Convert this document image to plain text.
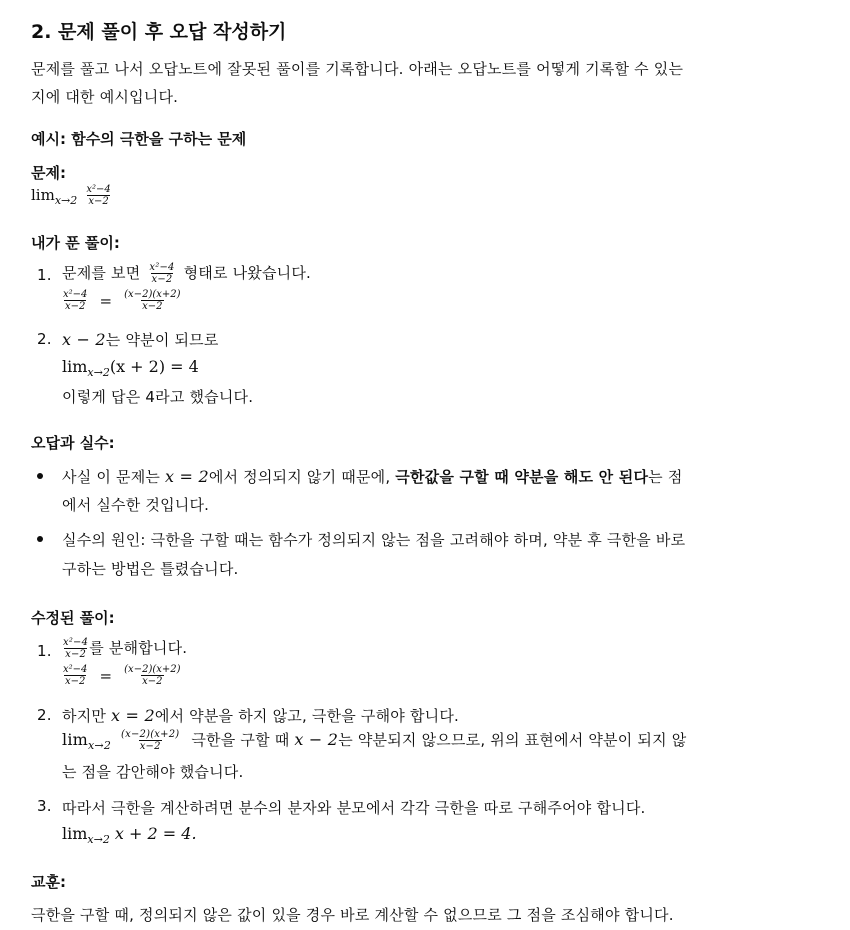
2. 문제 풀이 후 오답 작성하기
문제를 풀고 나서 오답노트에 잘못된 풀이를 기록합니다. 아래는 오답노트를 어떻게 기록할 수 있는
지에 대한 예시입니다.
예시: 함수의 극한을 구하는 문제
문제:
$\lim_{x\to 2} \frac{\text{x²−4}}{x-2}$
내가 푼 풀이:
1. 문제를 보면 $\frac{\text{x²−4}}{x-2}$ 형태로 나왔습니다.
$\frac{\text{x²−4}}{x-2} = \frac{(x-2)(x+2)}{x-2}$
2. x − 2는 약분이 되므로
$\lim_{x\to 2}(x + 2) = 4$
이렇게 답은 4라고 했습니다.
오답과 실수:
사실 이 문제는 x = 2에서 정의되지 않기 때문에, 극한값을 구할 때 약분을 해도 안 된다는 점
에서 실수한 것입니다.
실수의 원인: 극한을 구할 때는 함수가 정의되지 않는 점을 고려해야 하며, 약분 후 극한을 바로
구하는 방법은 틀렸습니다.
수정된 풀이:
1. $\frac{\text{x²−4}}{x-2}$ 를 분해합니다.
$\frac{\text{x²−4}}{x-2} = \frac{(x-2)(x+2)}{x-2}$
2. 하지만 x = 2에서 약분을 하지 않고, 극한을 구해야 합니다.
$\lim_{x\to 2} \frac{(x-2)(x+2)}{x-2}$ 극한을 구할 때 x − 2는 약분되지 않으므로, 위의 표현에서 약분이 되지 않
는 점을 감안해야 했습니다.
3. 따라서 극한을 계산하려면 분수의 분자와 분모에서 각각 극한을 따로 구해주어야 합니다.
$\lim_{x\to 2} x + 2 = 4$.
교훈:
극한을 구할 때, 정의되지 않은 값이 있을 경우 바로 계산할 수 없으므로 그 점을 조심해야 합니다.
